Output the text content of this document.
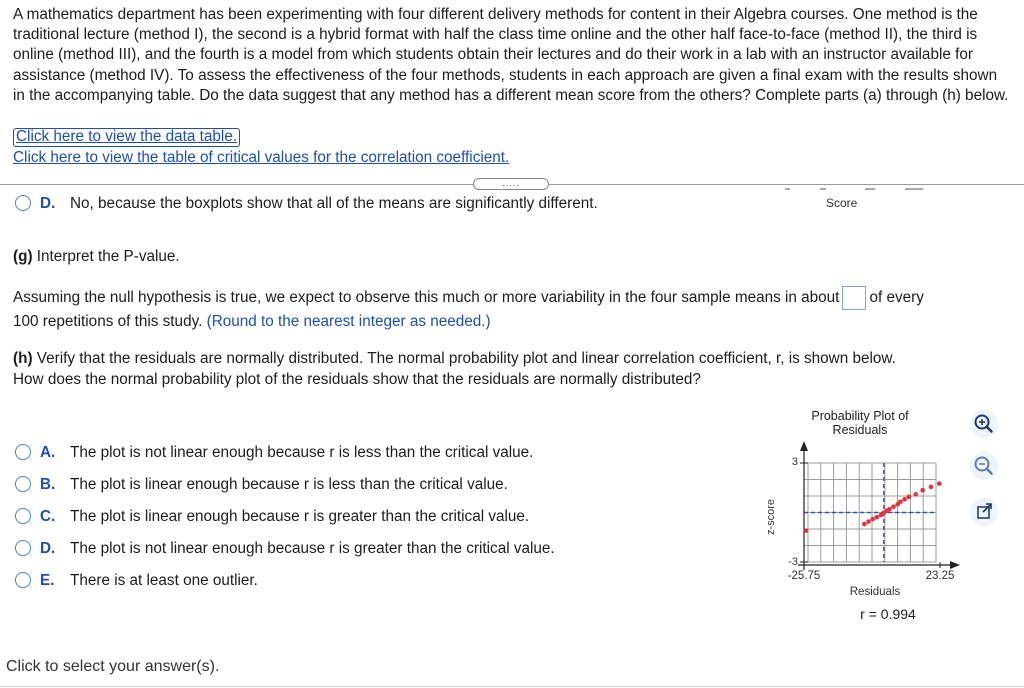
A mathematics department has been experimenting with four different delivery methods for content in their Algebra courses. One method is the traditional lecture (method I), the second is a hybrid format with half the class time online and the other half face-to-face (method II), the third is online (method III), and the fourth is a model from which students obtain their lectures and do their work in a lab with an instructor available for assistance (method IV). To assess the effectiveness of the four methods, students in each approach are given a final exam with the results shown in the accompanying table. Do the data suggest that any method has a different mean score from the others? Complete parts (a) through (h) below.
Click here to view the data table.
Click here to view the table of critical values for the correlation coefficient.
.....
D. No, because the boxplots show that all of the means are significantly different.	Score
(g) Interpret the P-value.
Assuming the null hypothesis is true, we expect to observe this much or more variability in the four sample means in about of every
100 repetitions of this study. (Round to the nearest integer as needed.)
(h) Verify that the residuals are normally distributed. The normal probability plot and linear correlation coefficient, r, is shown below.
How does the normal probability plot of the residuals show that the residuals are normally distributed?
A. The plot is not linear enough because r is less than the critical value.
B. The plot is linear enough because r is less than the critical value.
C. The plot is linear enough because r is greater than the critical value.
D. The plot is not linear enough because r is greater than the critical value.
E. There is at least one outlier.
Probability Plot of
Residuals
3
-3
-25.75	23.25
Residuals
z-score
r = 0.994
Click to select your answer(s).
